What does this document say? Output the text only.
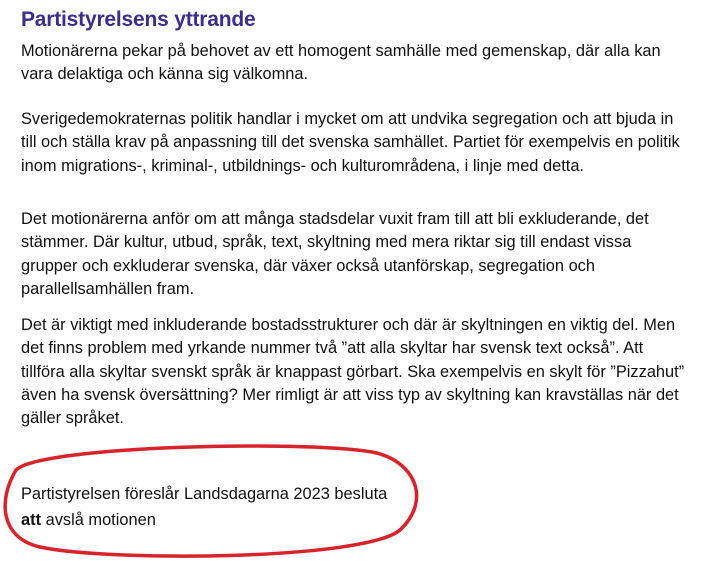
Partistyrelsens yttrande

Motionärerna pekar på behovet av ett homogent samhälle med gemenskap, där alla kan vara delaktiga och känna sig välkomna.

Sverigedemokraternas politik handlar i mycket om att undvika segregation och att bjuda in till och ställa krav på anpassning till det svenska samhället. Partiet för exempelvis en politik inom migrations-, kriminal-, utbildnings- och kulturområdena, i linje med detta.

Det motionärerna anför om att många stadsdelar vuxit fram till att bli exkluderande, det stämmer. Där kultur, utbud, språk, text, skyltning med mera riktar sig till endast vissa grupper och exkluderar svenska, där växer också utanförskap, segregation och parallellsamhällen fram.

Det är viktigt med inkluderande bostadsstrukturer och där är skyltningen en viktig del. Men det finns problem med yrkande nummer två ”att alla skyltar har svensk text också”. Att tillföra alla skyltar svenskt språk är knappast görbart. Ska exempelvis en skylt för ”Pizzahut” även ha svensk översättning? Mer rimligt är att viss typ av skyltning kan kravställas när det gäller språket.

Partistyrelsen föreslår Landsdagarna 2023 besluta
att avslå motionen
